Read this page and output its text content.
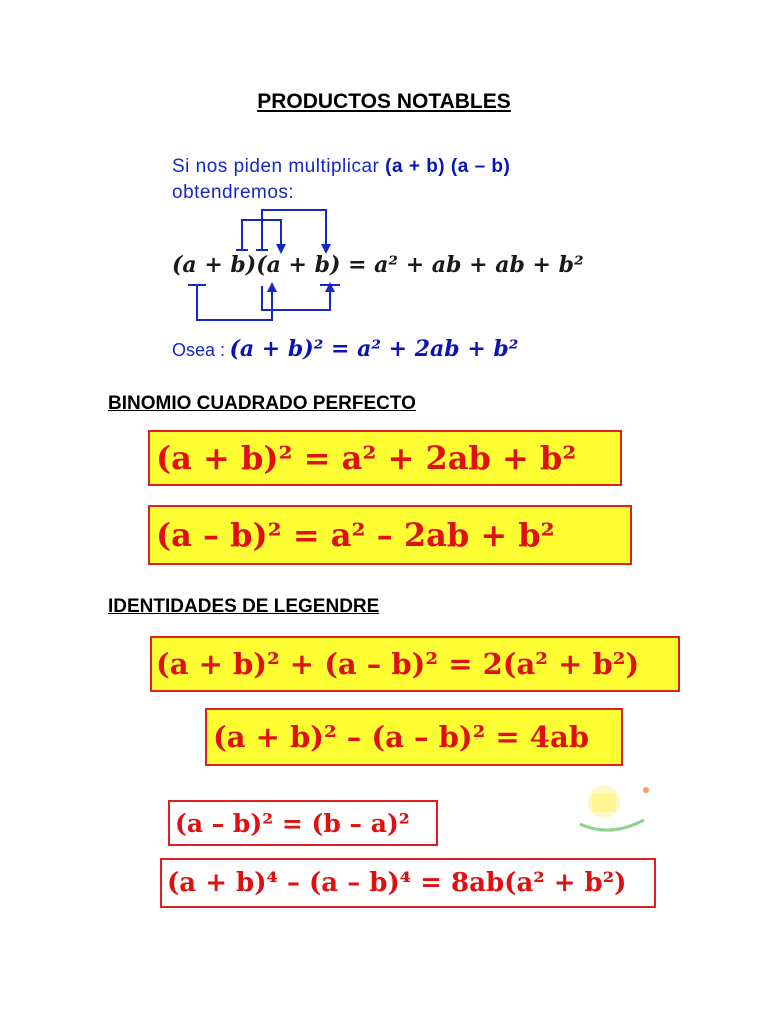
PRODUCTOS NOTABLES
Si nos piden multiplicar (a + b) (a – b)
obtendremos:
(a + b)(a + b) = a² + ab + ab + b²
Osea : (a + b)² = a² + 2ab + b²
BINOMIO CUADRADO PERFECTO
(a + b)² = a² + 2ab + b²
(a – b)² = a² – 2ab + b²
IDENTIDADES DE LEGENDRE
(a + b)² + (a – b)² = 2(a² + b²)
(a + b)² – (a – b)² = 4ab
(a – b)² = (b – a)²
(a + b)⁴ – (a – b)⁴ = 8ab(a² + b²)
